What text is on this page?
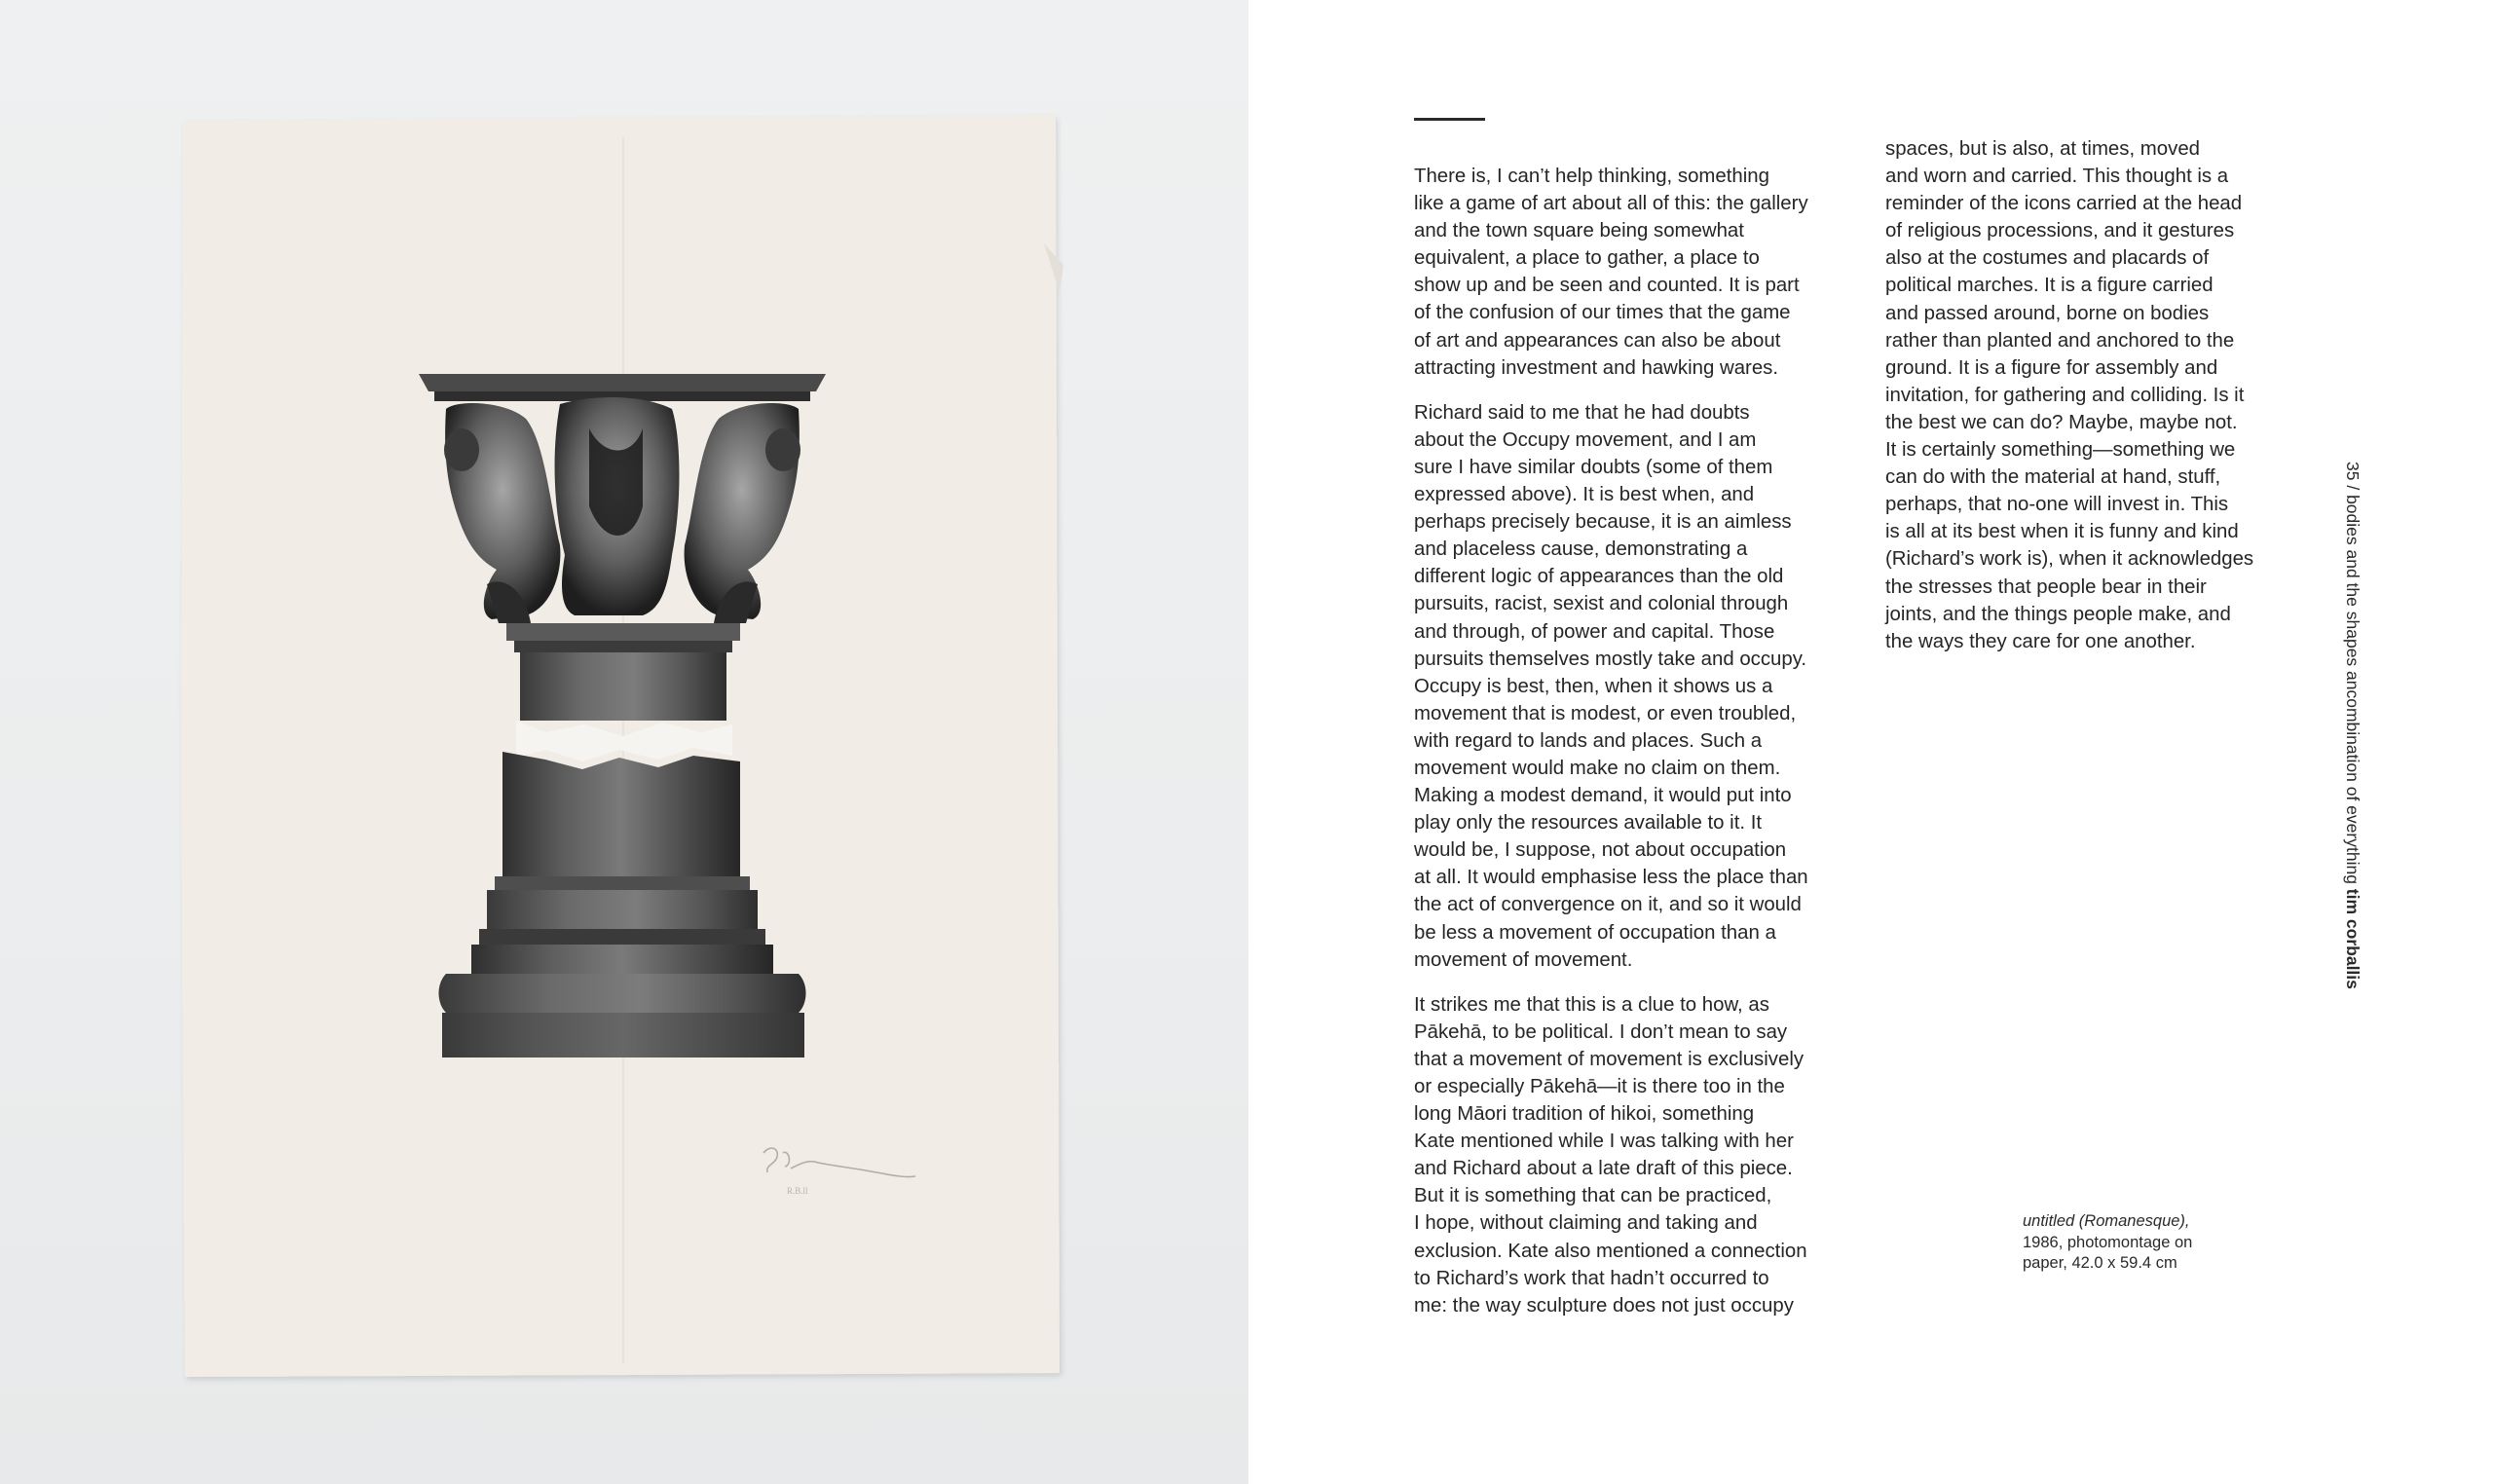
R.B.ll

There is, I can’t help thinking, something
like a game of art about all of this: the gallery
and the town square being somewhat
equivalent, a place to gather, a place to
show up and be seen and counted. It is part
of the confusion of our times that the game
of art and appearances can also be about
attracting investment and hawking wares.

Richard said to me that he had doubts
about the Occupy movement, and I am
sure I have similar doubts (some of them
expressed above). It is best when, and
perhaps precisely because, it is an aimless
and placeless cause, demonstrating a
different logic of appearances than the old
pursuits, racist, sexist and colonial through
and through, of power and capital. Those
pursuits themselves mostly take and occupy.
Occupy is best, then, when it shows us a
movement that is modest, or even troubled,
with regard to lands and places. Such a
movement would make no claim on them.
Making a modest demand, it would put into
play only the resources available to it. It
would be, I suppose, not about occupation
at all. It would emphasise less the place than
the act of convergence on it, and so it would
be less a movement of occupation than a
movement of movement.

It strikes me that this is a clue to how, as
Pākehā, to be political. I don’t mean to say
that a movement of movement is exclusively
or especially Pākehā—it is there too in the
long Māori tradition of hikoi, something
Kate mentioned while I was talking with her
and Richard about a late draft of this piece.
But it is something that can be practiced,
I hope, without claiming and taking and
exclusion. Kate also mentioned a connection
to Richard’s work that hadn’t occurred to
me: the way sculpture does not just occupy

spaces, but is also, at times, moved
and worn and carried. This thought is a
reminder of the icons carried at the head
of religious processions, and it gestures
also at the costumes and placards of
political marches. It is a figure carried
and passed around, borne on bodies
rather than planted and anchored to the
ground. It is a figure for assembly and
invitation, for gathering and colliding. Is it
the best we can do? Maybe, maybe not.
It is certainly something—something we
can do with the material at hand, stuff,
perhaps, that no-one will invest in. This
is all at its best when it is funny and kind
(Richard’s work is), when it acknowledges
the stresses that people bear in their
joints, and the things people make, and
the ways they care for one another.

untitled (Romanesque),
1986, photomontage on
paper, 42.0 x 59.4 cm
35 / bodies and the shapes ancombination of everything tim corballis
